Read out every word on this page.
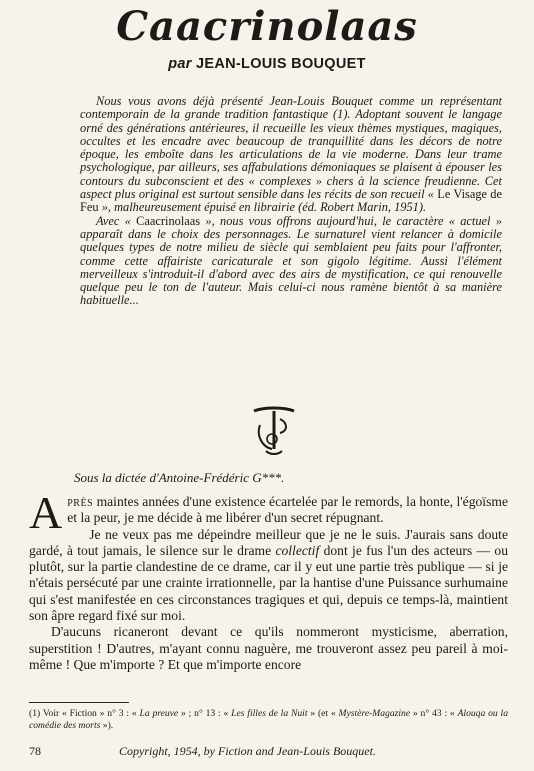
Caacrinolaas
par JEAN-LOUIS BOUQUET

Nous vous avons déjà présenté Jean-Louis Bouquet comme un représentant contemporain de la grande tradition fantastique (1). Adoptant souvent le langage orné des générations antérieures, il recueille les vieux thèmes mystiques, magiques, occultes et les encadre avec beaucoup de tranquillité dans les décors de notre époque, les emboîte dans les articulations de la vie moderne. Dans leur trame psychologique, par ailleurs, ses affabulations démoniaques se plaisent à épouser les contours du subconscient et des « complexes » chers à la science freudienne. Cet aspect plus original est surtout sensible dans les récits de son recueil « Le Visage de Feu », malheureusement épuisé en librairie (éd. Robert Marin, 1951).

Avec « Caacrinolaas », nous vous offrons aujourd'hui, le caractère « actuel » apparaît dans le choix des personnages. Le surnaturel vient relancer à domicile quelques types de notre milieu de siècle qui semblaient peu faits pour l'affronter, comme cette affairiste caricaturale et son gigolo légitime. Aussi l'élément merveilleux s'introduit-il d'abord avec des airs de mystification, ce qui renouvelle quelque peu le ton de l'auteur. Mais celui-ci nous ramène bientôt à sa manière habituelle...

Sous la dictée d'Antoine-Frédéric G***.

Après maintes années d'une existence écartelée par le remords, la honte, l'égoïsme et la peur, je me décide à me libérer d'un secret répugnant.

Je ne veux pas me dépeindre meilleur que je ne le suis. J'aurais sans doute gardé, à tout jamais, le silence sur le drame collectif dont je fus l'un des acteurs — ou plutôt, sur la partie clandestine de ce drame, car il y eut une partie très publique — si je n'étais persécuté par une crainte irrationnelle, par la hantise d'une Puissance surhumaine qui s'est manifestée en ces circonstances tragiques et qui, depuis ce temps-là, maintient son âpre regard fixé sur moi.

D'aucuns ricaneront devant ce qu'ils nommeront mysticisme, aberration, superstition ! D'autres, m'ayant connu naguère, me trouveront assez peu pareil à moi-même ! Que m'importe ? Et que m'importe encore

(1) Voir « Fiction » n° 3 : « La preuve » ; n° 13 : « Les filles de la Nuit » (et « Mystère-Magazine » n° 43 : « Alouqa ou la comédie des morts »).
78	Copyright, 1954, by Fiction and Jean-Louis Bouquet.
